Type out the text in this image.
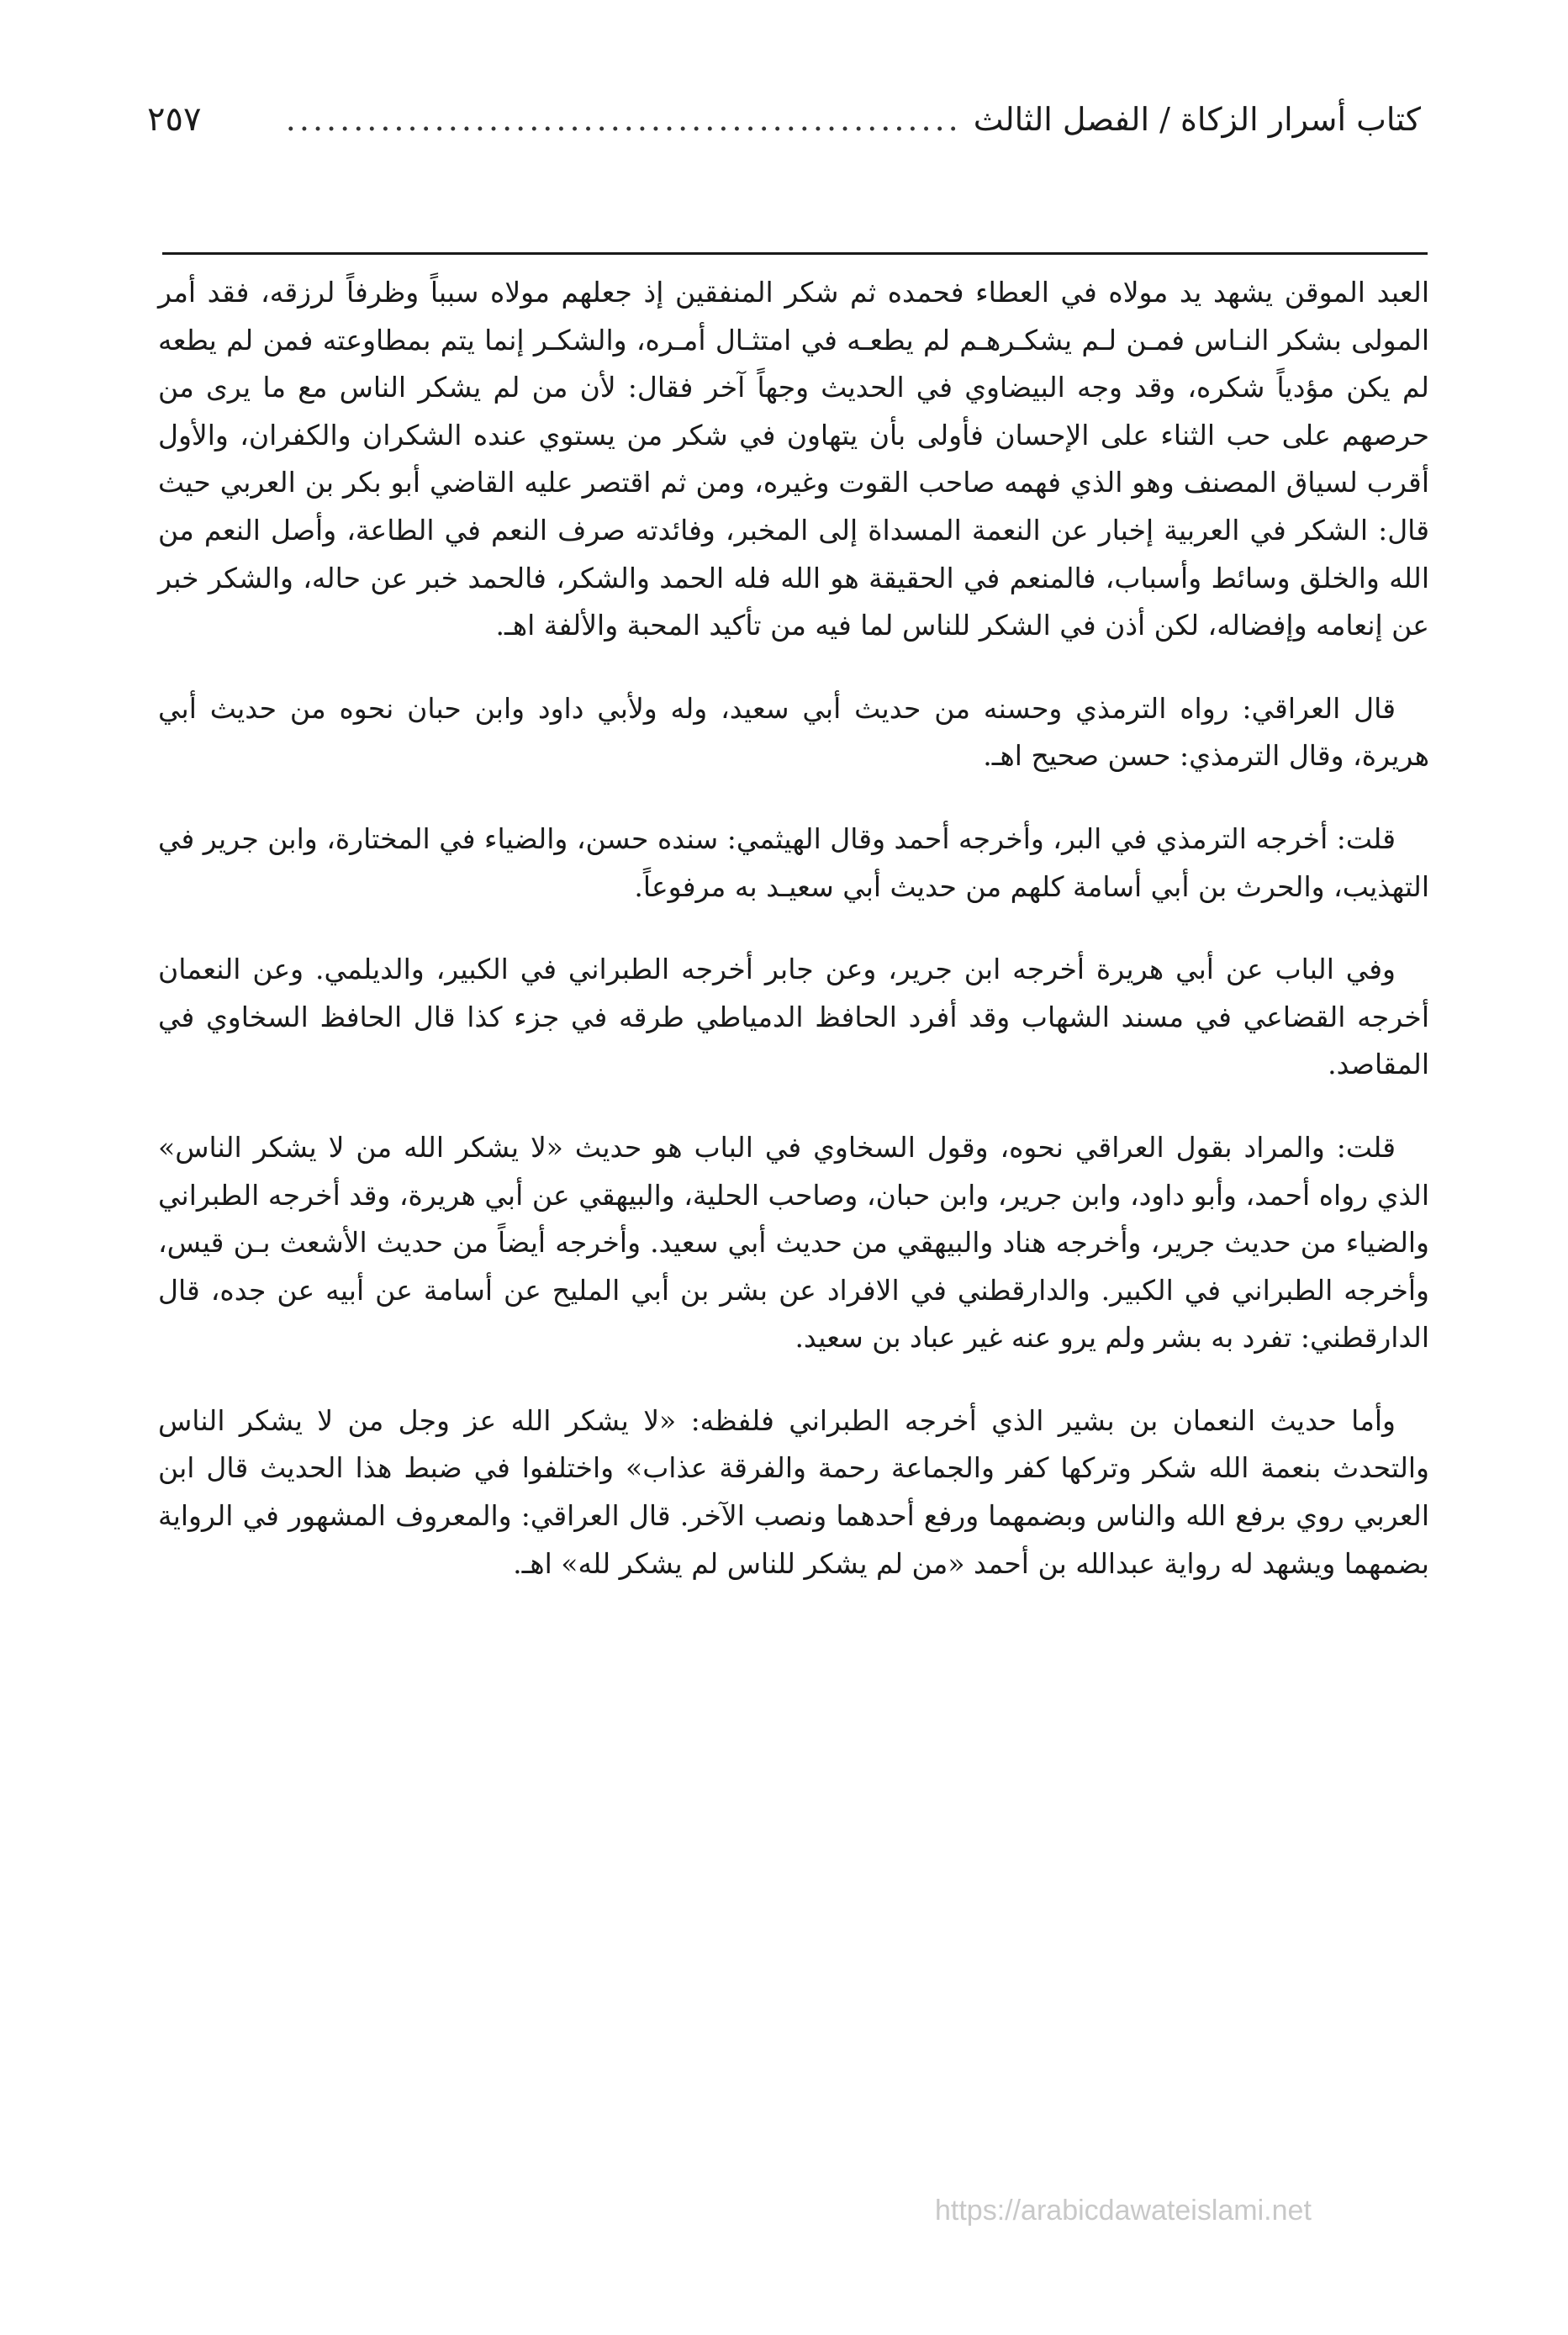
كتاب أسرار الزكاة / الفصل الثالث
..................................................
٢٥٧

العبد الموقن يشهد يد مولاه في العطاء فحمده ثم شكر المنفقين إذ جعلهم مولاه سبباً وظرفاً لرزقه، فقد أمر المولى بشكر النـاس فمـن لـم يشكـرهـم لم يطعـه في امتثـال أمـره، والشكـر إنما يتم بمطاوعته فمن لم يطعه لم يكن مؤدياً شكره، وقد وجه البيضاوي في الحديث وجهاً آخر فقال: لأن من لم يشكر الناس مع ما يرى من حرصهم على حب الثناء على الإحسان فأولى بأن يتهاون في شكر من يستوي عنده الشكران والكفران، والأول أقرب لسياق المصنف وهو الذي فهمه صاحب القوت وغيره، ومن ثم اقتصر عليه القاضي أبو بكر بن العربي حيث قال: الشكر في العربية إخبار عن النعمة المسداة إلى المخبر، وفائدته صرف النعم في الطاعة، وأصل النعم من الله والخلق وسائط وأسباب، فالمنعم في الحقيقة هو الله فله الحمد والشكر، فالحمد خبر عن حاله، والشكر خبر عن إنعامه وإفضاله، لكن أذن في الشكر للناس لما فيه من تأكيد المحبة والألفة اهـ.

قال العراقي: رواه الترمذي وحسنه من حديث أبي سعيد، وله ولأبي داود وابن حبان نحوه من حديث أبي هريرة، وقال الترمذي: حسن صحيح اهـ.

قلت: أخرجه الترمذي في البر، وأخرجه أحمد وقال الهيثمي: سنده حسن، والضياء في المختارة، وابن جرير في التهذيب، والحرث بن أبي أسامة كلهم من حديث أبي سعيـد به مرفوعاً.

وفي الباب عن أبي هريرة أخرجه ابن جرير، وعن جابر أخرجه الطبراني في الكبير، والديلمي. وعن النعمان أخرجه القضاعي في مسند الشهاب وقد أفرد الحافظ الدمياطي طرقه في جزء كذا قال الحافظ السخاوي في المقاصد.

قلت: والمراد بقول العراقي نحوه، وقول السخاوي في الباب هو حديث «لا يشكر الله من لا يشكر الناس» الذي رواه أحمد، وأبو داود، وابن جرير، وابن حبان، وصاحب الحلية، والبيهقي عن أبي هريرة، وقد أخرجه الطبراني والضياء من حديث جرير، وأخرجه هناد والبيهقي من حديث أبي سعيد. وأخرجه أيضاً من حديث الأشعث بـن قيس، وأخرجه الطبراني في الكبير. والدارقطني في الافراد عن بشر بن أبي المليح عن أسامة عن أبيه عن جده، قال الدارقطني: تفرد به بشر ولم يرو عنه غير عباد بن سعيد.

وأما حديث النعمان بن بشير الذي أخرجه الطبراني فلفظه: «لا يشكر الله عز وجل من لا يشكر الناس والتحدث بنعمة الله شكر وتركها كفر والجماعة رحمة والفرقة عذاب» واختلفوا في ضبط هذا الحديث قال ابن العربي روي برفع الله والناس وبضمهما ورفع أحدهما ونصب الآخر. قال العراقي: والمعروف المشهور في الرواية بضمهما ويشهد له رواية عبدالله بن أحمد «من لم يشكر للناس لم يشكر لله» اهـ.

https://arabicdawateislami.net
